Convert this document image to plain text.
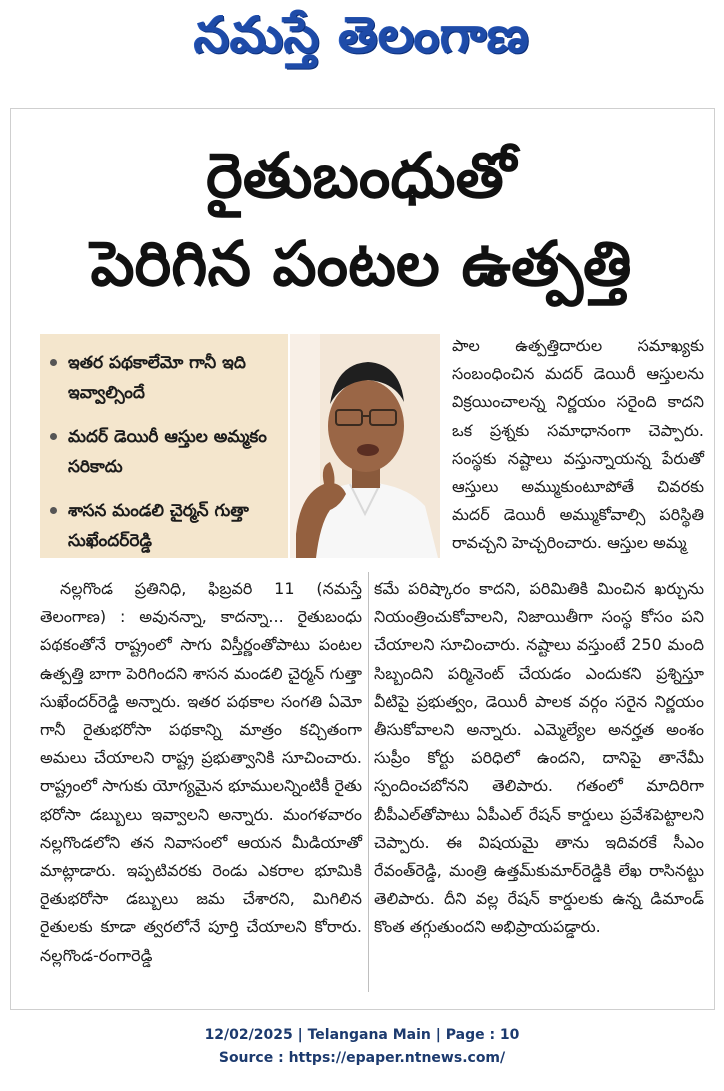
నమస్తే తెలంగాణ
రైతుబంధుతో
పెరిగిన పంటల ఉత్పత్తి
ఇతర పథకాలేమో గానీ ఇది ఇవ్వాల్సిందే
మదర్ డెయిరీ ఆస్తుల అమ్మకం సరికాదు
శాసన మండలి చైర్మన్ గుత్తా సుఖేందర్‌రెడ్డి
పాల ఉత్పత్తిదారుల సమాఖ్యకు సంబంధించిన మదర్ డెయిరీ ఆస్తులను విక్రయించాలన్న నిర్ణయం సరైంది కాదని ఒక ప్రశ్నకు సమాధానంగా చెప్పారు. సంస్థకు నష్టాలు వస్తున్నాయన్న పేరుతో ఆస్తులు అమ్ముకుంటూపోతే చివరకు మదర్ డెయిరీ అమ్ముకోవాల్సి పరిస్థితి రావచ్చని హెచ్చరించారు. ఆస్తుల అమ్మ
కమే పరిష్కారం కాదని, పరిమితికి మించిన ఖర్చును నియంత్రించుకోవాలని, నిజాయితీగా సంస్థ కోసం పని చేయాలని సూచించారు. నష్టాలు వస్తుంటే 250 మంది సిబ్బందిని పర్మినెంట్ చేయడం ఎందుకని ప్రశ్నిస్తూ వీటిపై ప్రభుత్వం, డెయిరీ పాలక వర్గం సరైన నిర్ణయం తీసుకోవాలని అన్నారు. ఎమ్మెల్యేల అనర్హత అంశం సుప్రీం కోర్టు పరిధిలో ఉందని, దానిపై తానేమీ స్పందించబోనని తెలిపారు. గతంలో మాదిరిగా బీపీఎల్‌తోపాటు ఏపీఎల్ రేషన్ కార్డులు ప్రవేశపెట్టాలని చెప్పారు. ఈ విషయమై తాను ఇదివరకే సీఎం రేవంత్‌రెడ్డి, మంత్రి ఉత్తమ్‌కుమార్‌రెడ్డికి లేఖ రాసినట్టు తెలిపారు. దీని వల్ల రేషన్ కార్డులకు ఉన్న డిమాండ్ కొంత తగ్గుతుందని అభిప్రాయపడ్డారు.
నల్లగొండ ప్రతినిధి, ఫిబ్రవరి 11 (నమస్తే తెలంగాణ) : అవునన్నా, కాదన్నా... రైతుబంధు పథకంతోనే రాష్ట్రంలో సాగు విస్తీర్ణంతోపాటు పంటల ఉత్పత్తి బాగా పెరిగిందని శాసన మండలి చైర్మన్ గుత్తా సుఖేందర్‌రెడ్డి అన్నారు. ఇతర పథకాల సంగతి ఏమో గానీ రైతుభరోసా పథకాన్ని మాత్రం కచ్చితంగా అమలు చేయాలని రాష్ట్ర ప్రభుత్వానికి సూచించారు. రాష్ట్రంలో సాగుకు యోగ్యమైన భూములన్నింటికీ రైతు భరోసా డబ్బులు ఇవ్వాలని అన్నారు. మంగళవారం నల్లగొండలోని తన నివాసంలో ఆయన మీడియాతో మాట్లాడారు. ఇప్పటివరకు రెండు ఎకరాల భూమికి రైతుభరోసా డబ్బులు జమ చేశారని, మిగిలిన రైతులకు కూడా త్వరలోనే పూర్తి చేయాలని కోరారు. నల్లగొండ-రంగారెడ్డి
12/02/2025 | Telangana Main | Page : 10
Source : https://epaper.ntnews.com/
